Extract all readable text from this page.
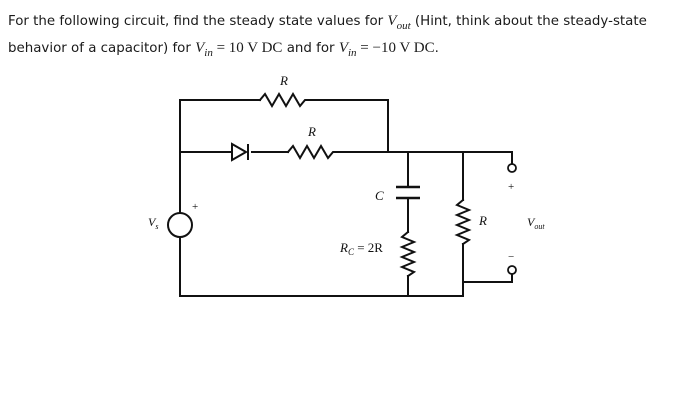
For the following circuit, find the steady state values for $V_{out}$ (Hint, think about the steady-state behavior of a capacitor) for $V_{in} = 10$ V DC and for $V_{in} = -10$ V DC.

R
R
C
$R_C = 2R$
R
+
$V_s$
+
−
$V_{out}$
